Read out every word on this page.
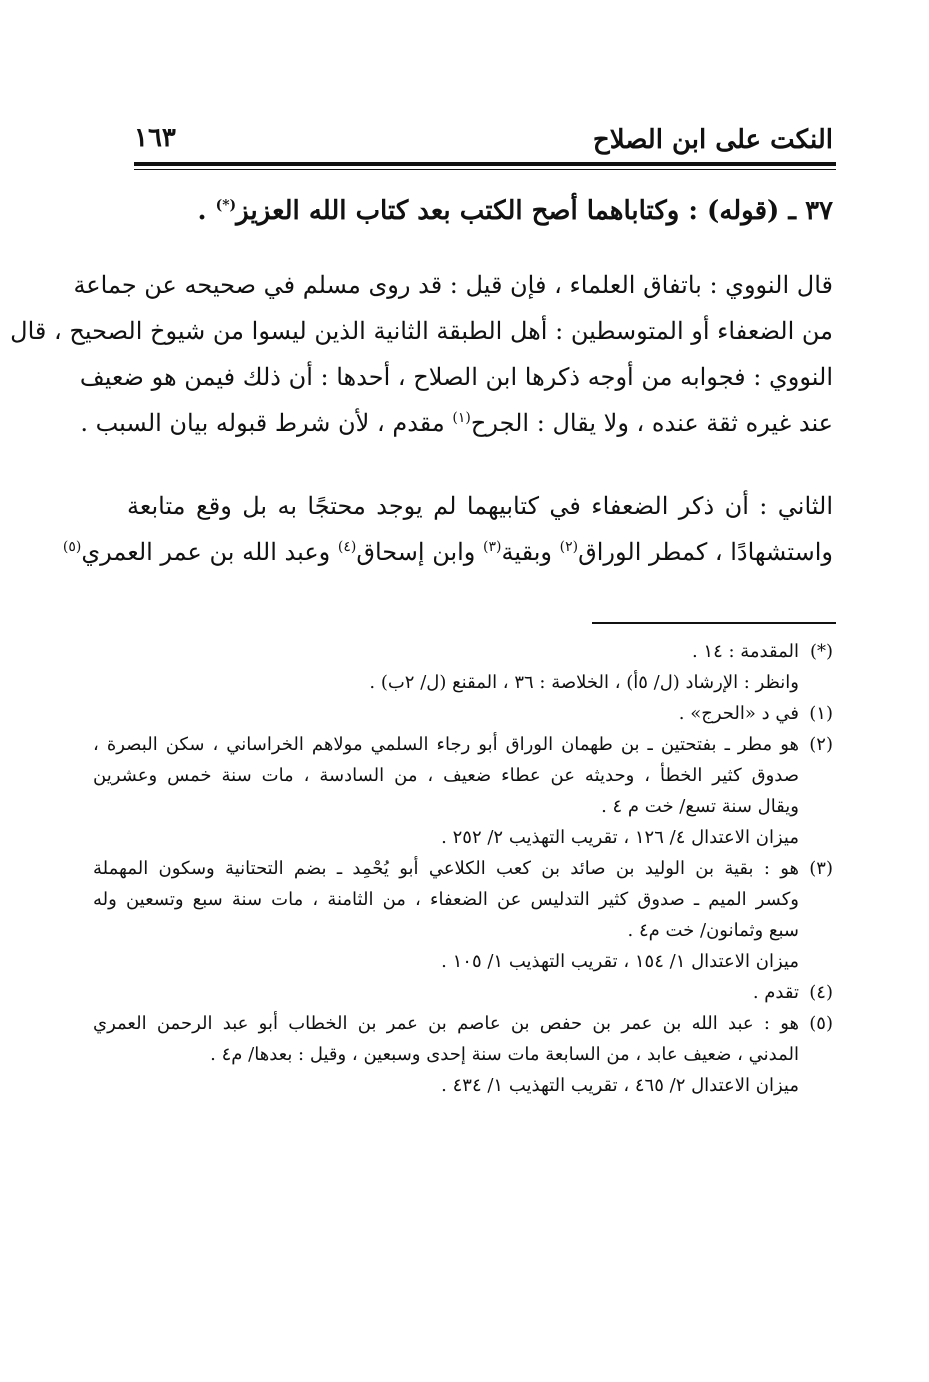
النكت على ابن الصلاح
١٦٣
٣٧ ـ (قوله) : وكتاباهما أصح الكتب بعد كتاب الله العزيز(*) .
قال النووي : باتفاق العلماء ، فإن قيل : قد روى مسلم في صحيحه عن جماعة
من الضعفاء أو المتوسطين : أهل الطبقة الثانية الذين ليسوا من شيوخ الصحيح ، قال
النووي : فجوابه من أوجه ذكرها ابن الصلاح ، أحدها : أن ذلك فيمن هو ضعيف
عند غيره ثقة عنده ، ولا يقال : الجرح$^{(١)}$ مقدم ، لأن شرط قبوله بيان السبب .
الثاني : أن ذكر الضعفاء في كتابيهما لم يوجد محتجًا به بل وقع متابعة
واستشهادًا ، كمطر الوراق$^{(٢)}$ وبقية$^{(٣)}$ وابن إسحاق$^{(٤)}$ وعبد الله بن عمر العمري$^{(٥)}$
(*)
المقدمة : ١٤ .
وانظر : الإرشاد (ل/ ٥أ) ، الخلاصة : ٣٦ ، المقنع (ل/ ٢ب) .
(١)
في د «الحرج» .
(٢)
هو مطر ـ بفتحتين ـ بن طهمان الوراق أبو رجاء السلمي مولاهم الخراساني ، سكن البصرة ،
صدوق كثير الخطأ ، وحديثه عن عطاء ضعيف ، من السادسة ، مات سنة خمس وعشرين
ويقال سنة تسع/ خت م ٤ .
ميزان الاعتدال ٤/ ١٢٦ ، تقريب التهذيب ٢/ ٢٥٢ .
(٣)
هو : بقية بن الوليد بن صائد بن كعب الكلاعي أبو يُحْمِد ـ بضم التحتانية وسكون المهملة
وكسر الميم ـ صدوق كثير التدليس عن الضعفاء ، من الثامنة ، مات سنة سبع وتسعين وله
سبع وثمانون/ خت م٤ .
ميزان الاعتدال ١/ ١٥٤ ، تقريب التهذيب ١/ ١٠٥ .
(٤)
تقدم .
(٥)
هو : عبد الله بن عمر بن حفص بن عاصم بن عمر بن الخطاب أبو عبد الرحمن العمري
المدني ، ضعيف عابد ، من السابعة مات سنة إحدى وسبعين ، وقيل : بعدها/ م٤ .
ميزان الاعتدال ٢/ ٤٦٥ ، تقريب التهذيب ١/ ٤٣٤ .
